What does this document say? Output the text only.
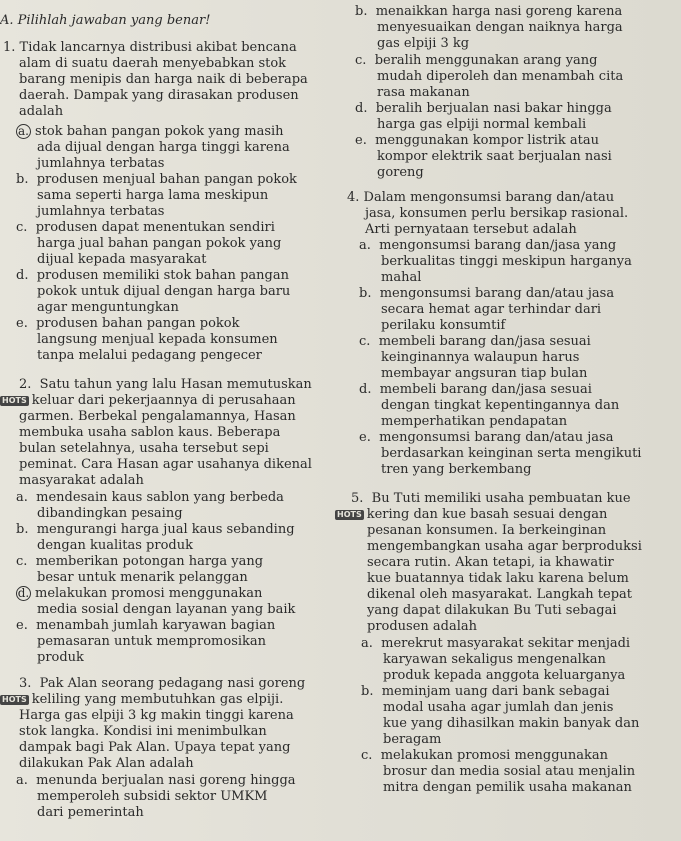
A. Pilihlah jawaban yang benar!
1. Tidak lancarnya distribusi akibat bencana
alam di suatu daerah menyebabkan stok
barang menipis dan harga naik di beberapa
daerah. Dampak yang dirasakan produsen
adalah
a. stok bahan pangan pokok yang masih
ada dijual dengan harga tinggi karena
jumlahnya terbatas
b.  produsen menjual bahan pangan pokok
sama seperti harga lama meskipun
jumlahnya terbatas
c.  produsen dapat menentukan sendiri
harga jual bahan pangan pokok yang
dijual kepada masyarakat
d.  produsen memiliki stok bahan pangan
pokok untuk dijual dengan harga baru
agar menguntungkan
e.  produsen bahan pangan pokok
langsung menjual kepada konsumen
tanpa melalui pedagang pengecer
2. Satu tahun yang lalu Hasan memutuskan
HOTS keluar dari pekerjaannya di perusahaan
garmen. Berbekal pengalamannya, Hasan
membuka usaha sablon kaus. Beberapa
bulan setelahnya, usaha tersebut sepi
peminat. Cara Hasan agar usahanya dikenal
masyarakat adalah
a.  mendesain kaus sablon yang berbeda
dibandingkan pesaing
b.  mengurangi harga jual kaus sebanding
dengan kualitas produk
c.  memberikan potongan harga yang
besar untuk menarik pelanggan
d. melakukan promosi menggunakan
media sosial dengan layanan yang baik
e.  menambah jumlah karyawan bagian
pemasaran untuk mempromosikan
produk
3. Pak Alan seorang pedagang nasi goreng
HOTS keliling yang membutuhkan gas elpiji.
Harga gas elpiji 3 kg makin tinggi karena
stok langka. Kondisi ini menimbulkan
dampak bagi Pak Alan. Upaya tepat yang
dilakukan Pak Alan adalah
a.  menunda berjualan nasi goreng hingga
memperoleh subsidi sektor UMKM
dari pemerintah
b.  menaikkan harga nasi goreng karena
menyesuaikan dengan naiknya harga
gas elpiji 3 kg
c.  beralih menggunakan arang yang
mudah diperoleh dan menambah cita
rasa makanan
d.  beralih berjualan nasi bakar hingga
harga gas elpiji normal kembali
e.  menggunakan kompor listrik atau
kompor elektrik saat berjualan nasi
goreng
4. Dalam mengonsumsi barang dan/atau
jasa, konsumen perlu bersikap rasional.
Arti pernyataan tersebut adalah
a.  mengonsumsi barang dan/jasa yang
berkualitas tinggi meskipun harganya
mahal
b.  mengonsumsi barang dan/atau jasa
secara hemat agar terhindar dari
perilaku konsumtif
c.  membeli barang dan/jasa sesuai
keinginannya walaupun harus
membayar angsuran tiap bulan
d.  membeli barang dan/jasa sesuai
dengan tingkat kepentingannya dan
memperhatikan pendapatan
e.  mengonsumsi barang dan/atau jasa
berdasarkan keinginan serta mengikuti
tren yang berkembang
5. Bu Tuti memiliki usaha pembuatan kue
HOTS kering dan kue basah sesuai dengan
pesanan konsumen. Ia berkeinginan
mengembangkan usaha agar berproduksi
secara rutin. Akan tetapi, ia khawatir
kue buatannya tidak laku karena belum
dikenal oleh masyarakat. Langkah tepat
yang dapat dilakukan Bu Tuti sebagai
produsen adalah
a.  merekrut masyarakat sekitar menjadi
karyawan sekaligus mengenalkan
produk kepada anggota keluarganya
b.  meminjam uang dari bank sebagai
modal usaha agar jumlah dan jenis
kue yang dihasilkan makin banyak dan
beragam
c.  melakukan promosi menggunakan
brosur dan media sosial atau menjalin
mitra dengan pemilik usaha makanan
